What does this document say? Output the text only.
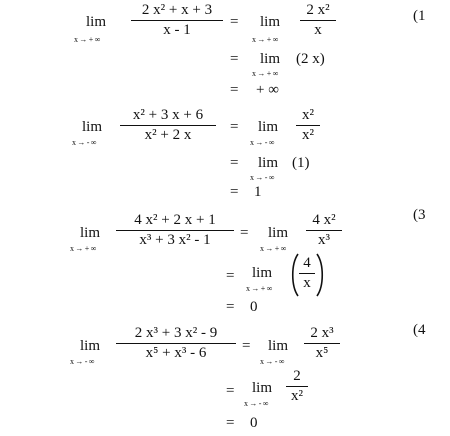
(1
lim
x → + ∞
2 x² + x + 3
x - 1	= lim
x → + ∞
2 x²
x
= lim
x → + ∞
(2 x)
= + ∞
lim
x → - ∞
x² + 3 x + 6
x² + 2 x	= lim
x → - ∞
x²
x²
= lim
x → - ∞
(1)
= 1
(3
lim
x → + ∞
4 x² + 2 x + 1
x³ + 3 x² - 1 = lim
x → + ∞
4 x²
x³
= lim
x → + ∞
4
x
= 0
(4
lim
x → - ∞
2 x³ + 3 x² - 9
x⁵ + x³ - 6 = lim
x → - ∞
2 x³
x⁵
= lim
x → - ∞
2
x²
= 0
